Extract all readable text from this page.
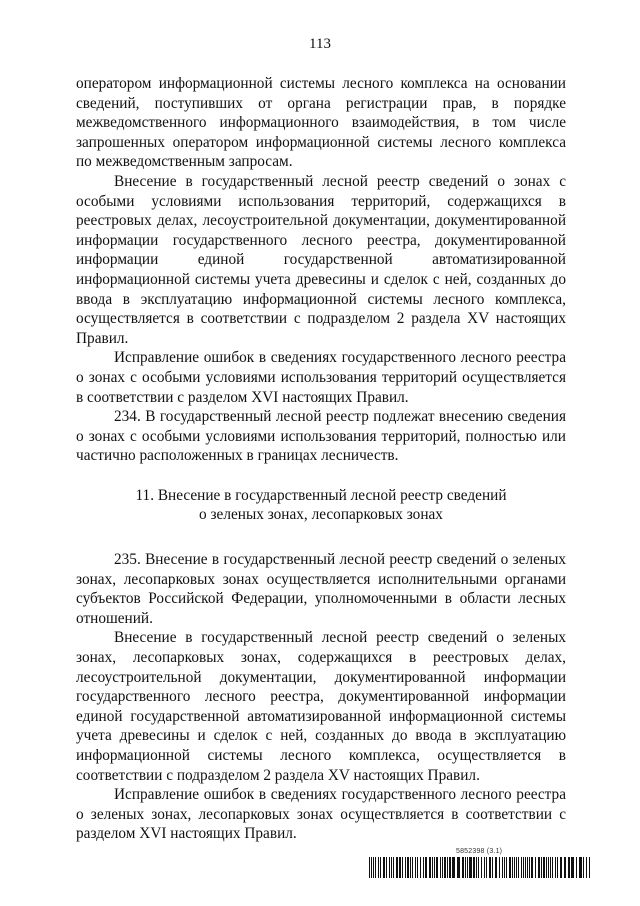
113

оператором информационной системы лесного комплекса на основании сведений, поступивших от органа регистрации прав, в порядке межведомственного информационного взаимодействия, в том числе запрошенных оператором информационной системы лесного комплекса по межведомственным запросам.

Внесение в государственный лесной реестр сведений о зонах с особыми условиями использования территорий, содержащихся в реестровых делах, лесоустроительной документации, документированной информации государственного лесного реестра, документированной информации единой государственной автоматизированной информационной системы учета древесины и сделок с ней, созданных до ввода в эксплуатацию информационной системы лесного комплекса, осуществляется в соответствии с подразделом 2 раздела XV настоящих Правил.

Исправление ошибок в сведениях государственного лесного реестра о зонах с особыми условиями использования территорий осуществляется в соответствии с разделом XVI настоящих Правил.

234. В государственный лесной реестр подлежат внесению сведения о зонах с особыми условиями использования территорий, полностью или частично расположенных в границах лесничеств.

11. Внесение в государственный лесной реестр сведений
о зеленых зонах, лесопарковых зонах

235. Внесение в государственный лесной реестр сведений о зеленых зонах, лесопарковых зонах осуществляется исполнительными органами субъектов Российской Федерации, уполномоченными в области лесных отношений.

Внесение в государственный лесной реестр сведений о зеленых зонах, лесопарковых зонах, содержащихся в реестровых делах, лесоустроительной документации, документированной информации государственного лесного реестра, документированной информации единой государственной автоматизированной информационной системы учета древесины и сделок с ней, созданных до ввода в эксплуатацию информационной системы лесного комплекса, осуществляется в соответствии с подразделом 2 раздела XV настоящих Правил.

Исправление ошибок в сведениях государственного лесного реестра о зеленых зонах, лесопарковых зонах осуществляется в соответствии с разделом XVI настоящих Правил.

5852398 (3.1)
